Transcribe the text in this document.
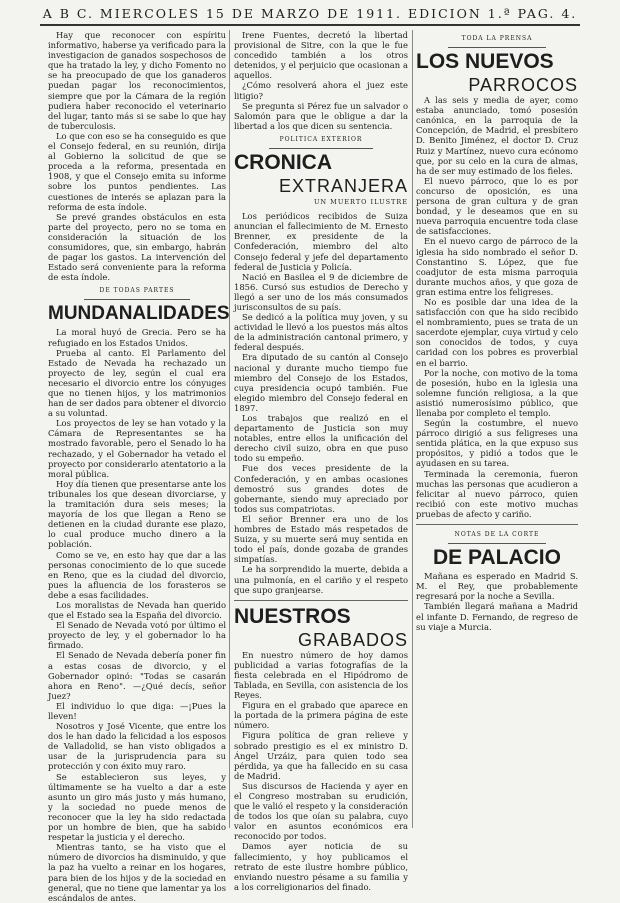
A B C. MIERCOLES 15 DE MARZO DE 1911. EDICION 1.ª PAG. 4.

Hay que reconocer con espíritu informativo, haberse ya verificado para la investigacion de ganados sospechosos de que ha tratado la ley, y dicho Fomento no se ha preocupado de que los ganaderos puedan pagar los reconocimientos, siempre que por la Cámara de la región pudiera haber reconocido el veterinario del lugar, tanto más si se sabe lo que hay de tuberculosis.

Lo que con eso se ha conseguido es que el Consejo federal, en su reunión, dirija al Gobierno la solicitud de que se proceda a la reforma, presentada en 1908, y que el Consejo emita su informe sobre los puntos pendientes. Las cuestiones de interés se aplazan para la reforma de esta índole.

Se prevé grandes obstáculos en esta parte del proyecto, pero no se toma en consideración la situación de los consumidores, que, sin embargo, habrán de pagar los gastos. La intervención del Estado será conveniente para la reforma de esta índole.

DE TODAS PARTES
MUNDANALIDADES

La moral huyó de Grecia. Pero se ha refugiado en los Estados Unidos.

Prueba al canto. El Parlamento del Estado de Nevada ha rechazado un proyecto de ley, según el cual era necesario el divorcio entre los cónyuges que no tienen hijos, y los matrimonios han de ser dados para obtener el divorcio a su voluntad.

Los proyectos de ley se han votado y la Cámara de Representantes se ha mostrado favorable, pero el Senado lo ha rechazado, y el Gobernador ha vetado el proyecto por considerarlo atentatorio a la moral pública.

Hoy día tienen que presentarse ante los tribunales los que desean divorciarse, y la tramitación dura seis meses; la mayoría de los que llegan a Reno se detienen en la ciudad durante ese plazo, lo cual produce mucho dinero a la población.

Como se ve, en esto hay que dar a las personas conocimiento de lo que sucede en Reno, que es la ciudad del divorcio, pues la afluencia de los forasteros se debe a esas facilidades.

Los moralistas de Nevada han querido que el Estado sea la España del divorcio.

El Senado de Nevada votó por último el proyecto de ley, y el gobernador lo ha firmado.

El Senado de Nevada debería poner fin a estas cosas de divorcio, y el Gobernador opinó: "Todas se casarán ahora en Reno". —¿Qué decís, señor Juez?

El individuo lo que diga: —¡Pues la lleven!

Nosotros y José Vicente, que entre los dos le han dado la felicidad a los esposos de Valladolid, se han visto obligados a usar de la jurisprudencia para su protección y con éxito muy raro.

Se establecieron sus leyes, y últimamente se ha vuelto a dar a este asunto un giro más justo y más humano, y la sociedad no puede menos de reconocer que la ley ha sido redactada por un hombre de bien, que ha sabido respetar la justicia y el derecho.

Mientras tanto, se ha visto que el número de divorcios ha disminuido, y que la paz ha vuelto a reinar en los hogares, para bien de los hijos y de la sociedad en general, que no tiene que lamentar ya los escándalos de antes.

Irene Fuentes, decretó la libertad provisional de Sitre, con la que le fue concedido también a los otros detenidos, y el perjuicio que ocasionan a aquellos.

¿Cómo resolverá ahora el juez este litigio?

Se pregunta si Pérez fue un salvador o Salomón para que le obligue a dar la libertad a los que dicen su sentencia.

POLITICA EXTERIOR
CRONICA
EXTRANJERA
UN MUERTO ILUSTRE

Los periódicos recibidos de Suiza anuncian el fallecimiento de M. Ernesto Brenner, ex presidente de la Confederación, miembro del alto Consejo federal y jefe del departamento federal de Justicia y Policía.

Nació en Basilea el 9 de diciembre de 1856. Cursó sus estudios de Derecho y llegó a ser uno de los más consumados jurisconsultos de su país.

Se dedicó a la política muy joven, y su actividad le llevó a los puestos más altos de la administración cantonal primero, y federal después.

Era diputado de su cantón al Consejo nacional y durante mucho tiempo fue miembro del Consejo de los Estados, cuya presidencia ocupó también. Fue elegido miembro del Consejo federal en 1897.

Los trabajos que realizó en el departamento de Justicia son muy notables, entre ellos la unificación del derecho civil suizo, obra en que puso todo su empeño.

Fue dos veces presidente de la Confederación, y en ambas ocasiones demostró sus grandes dotes de gobernante, siendo muy apreciado por todos sus compatriotas.

El señor Brenner era uno de los hombres de Estado más respetados de Suiza, y su muerte será muy sentida en todo el país, donde gozaba de grandes simpatías.

Le ha sorprendido la muerte, debida a una pulmonía, en el cariño y el respeto que supo granjearse.

NUESTROS
GRABADOS

En nuestro número de hoy damos publicidad a varias fotografías de la fiesta celebrada en el Hipódromo de Tablada, en Sevilla, con asistencia de los Reyes.

Figura en el grabado que aparece en la portada de la primera página de este número.

Figura política de gran relieve y sobrado prestigio es el ex ministro D. Ángel Urzáiz, para quien todo sea pérdida, ya que ha fallecido en su casa de Madrid.

Sus discursos de Hacienda y ayer en el Congreso mostraban su erudición, que le valió el respeto y la consideración de todos los que oían su palabra, cuyo valor en asuntos económicos era reconocido por todos.

Damos ayer noticia de su fallecimiento, y hoy publicamos el retrato de este ilustre hombre público, enviando nuestro pésame a su familia y a los correligionarios del finado.

TODA LA PRENSA
LOS NUEVOS
PARROCOS

A las seis y media de ayer, como estaba anunciado, tomó posesión canónica, en la parroquia de la Concepción, de Madrid, el presbítero D. Benito Jiménez, el doctor D. Cruz Ruiz y Martínez, nuevo cura ecónomo que, por su celo en la cura de almas, ha de ser muy estimado de los fieles.

El nuevo párroco, que lo es por concurso de oposición, es una persona de gran cultura y de gran bondad, y le deseamos que en su nueva parroquia encuentre toda clase de satisfacciones.

En el nuevo cargo de párroco de la iglesia ha sido nombrado el señor D. Constantino S. López, que fue coadjutor de esta misma parroquia durante muchos años, y que goza de gran estima entre los feligreses.

No es posible dar una idea de la satisfacción con que ha sido recibido el nombramiento, pues se trata de un sacerdote ejemplar, cuya virtud y celo son conocidos de todos, y cuya caridad con los pobres es proverbial en el barrio.

Por la noche, con motivo de la toma de posesión, hubo en la iglesia una solemne función religiosa, a la que asistió numerosísimo público, que llenaba por completo el templo.

Según la costumbre, el nuevo párroco dirigió a sus feligreses una sentida plática, en la que expuso sus propósitos, y pidió a todos que le ayudasen en su tarea.

Terminada la ceremonia, fueron muchas las personas que acudieron a felicitar al nuevo párroco, quien recibió con este motivo muchas pruebas de afecto y cariño.

NOTAS DE LA CORTE
DE PALACIO

Mañana es esperado en Madrid S. M. el Rey, que probablemente regresará por la noche a Sevilla.

También llegará mañana a Madrid el infante D. Fernando, de regreso de su viaje a Murcia.
